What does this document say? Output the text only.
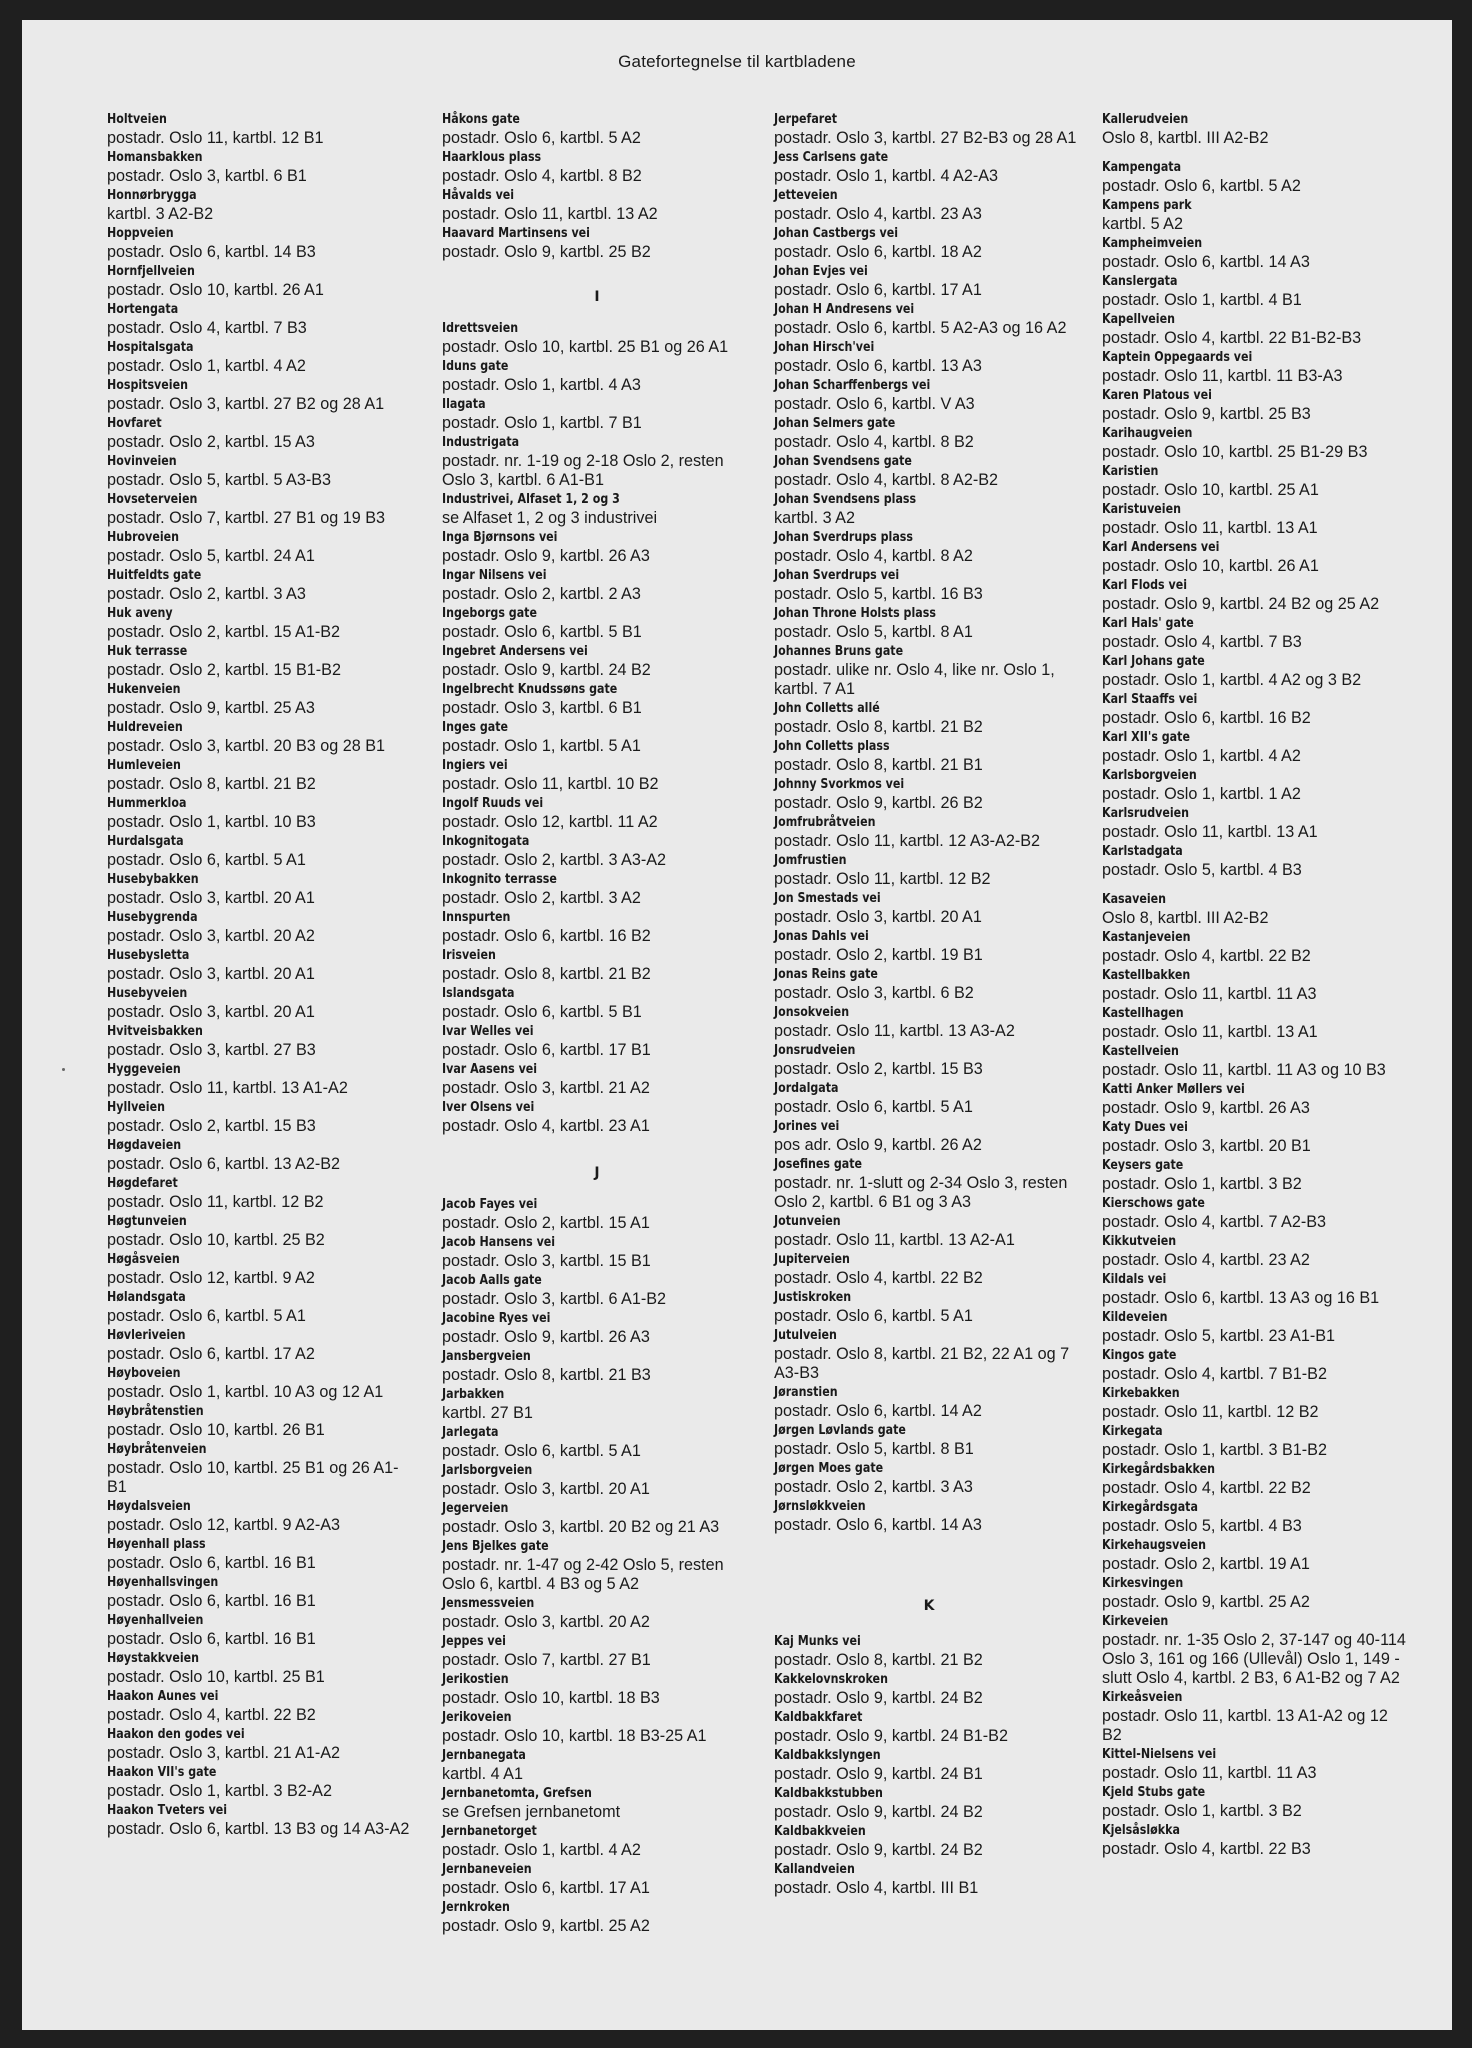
Gatefortegnelse til kartbladene
Holtveien
postadr. Oslo 11, kartbl. 12 B1
Homansbakken
postadr. Oslo 3, kartbl. 6 B1
Honnørbrygga
kartbl. 3 A2-B2
Hoppveien
postadr. Oslo 6, kartbl. 14 B3
Hornfjellveien
postadr. Oslo 10, kartbl. 26 A1
Hortengata
postadr. Oslo 4, kartbl. 7 B3
Hospitalsgata
postadr. Oslo 1, kartbl. 4 A2
Hospitsveien
postadr. Oslo 3, kartbl. 27 B2 og 28 A1
Hovfaret
postadr. Oslo 2, kartbl. 15 A3
Hovinveien
postadr. Oslo 5, kartbl. 5 A3-B3
Hovseterveien
postadr. Oslo 7, kartbl. 27 B1 og 19 B3
Hubroveien
postadr. Oslo 5, kartbl. 24 A1
Huitfeldts gate
postadr. Oslo 2, kartbl. 3 A3
Huk aveny
postadr. Oslo 2, kartbl. 15 A1-B2
Huk terrasse
postadr. Oslo 2, kartbl. 15 B1-B2
Hukenveien
postadr. Oslo 9, kartbl. 25 A3
Huldreveien
postadr. Oslo 3, kartbl. 20 B3 og 28 B1
Humleveien
postadr. Oslo 8, kartbl. 21 B2
Hummerkloa
postadr. Oslo 1, kartbl. 10 B3
Hurdalsgata
postadr. Oslo 6, kartbl. 5 A1
Husebybakken
postadr. Oslo 3, kartbl. 20 A1
Husebygrenda
postadr. Oslo 3, kartbl. 20 A2
Husebysletta
postadr. Oslo 3, kartbl. 20 A1
Husebyveien
postadr. Oslo 3, kartbl. 20 A1
Hvitveisbakken
postadr. Oslo 3, kartbl. 27 B3
Hyggeveien
postadr. Oslo 11, kartbl. 13 A1-A2
Hyllveien
postadr. Oslo 2, kartbl. 15 B3
Høgdaveien
postadr. Oslo 6, kartbl. 13 A2-B2
Høgdefaret
postadr. Oslo 11, kartbl. 12 B2
Høgtunveien
postadr. Oslo 10, kartbl. 25 B2
Høgåsveien
postadr. Oslo 12, kartbl. 9 A2
Hølandsgata
postadr. Oslo 6, kartbl. 5 A1
Høvleriveien
postadr. Oslo 6, kartbl. 17 A2
Høyboveien
postadr. Oslo 1, kartbl. 10 A3 og 12 A1
Høybråtenstien
postadr. Oslo 10, kartbl. 26 B1
Høybråtenveien
postadr. Oslo 10, kartbl. 25 B1 og 26 A1-B1
Høydalsveien
postadr. Oslo 12, kartbl. 9 A2-A3
Høyenhall plass
postadr. Oslo 6, kartbl. 16 B1
Høyenhallsvingen
postadr. Oslo 6, kartbl. 16 B1
Høyenhallveien
postadr. Oslo 6, kartbl. 16 B1
Høystakkveien
postadr. Oslo 10, kartbl. 25 B1
Haakon Aunes vei
postadr. Oslo 4, kartbl. 22 B2
Haakon den godes vei
postadr. Oslo 3, kartbl. 21 A1-A2
Haakon VII's gate
postadr. Oslo 1, kartbl. 3 B2-A2
Haakon Tveters vei
postadr. Oslo 6, kartbl. 13 B3 og 14 A3-A2
Håkons gate
postadr. Oslo 6, kartbl. 5 A2
Haarklous plass
postadr. Oslo 4, kartbl. 8 B2
Håvalds vei
postadr. Oslo 11, kartbl. 13 A2
Haavard Martinsens vei
postadr. Oslo 9, kartbl. 25 B2
I
Idrettsveien
postadr. Oslo 10, kartbl. 25 B1 og 26 A1
Iduns gate
postadr. Oslo 1, kartbl. 4 A3
Ilagata
postadr. Oslo 1, kartbl. 7 B1
Industrigata
postadr. nr. 1-19 og 2-18 Oslo 2, resten Oslo 3, kartbl. 6 A1-B1
Industrivei, Alfaset 1, 2 og 3
se Alfaset 1, 2 og 3 industrivei
Inga Bjørnsons vei
postadr. Oslo 9, kartbl. 26 A3
Ingar Nilsens vei
postadr. Oslo 2, kartbl. 2 A3
Ingeborgs gate
postadr. Oslo 6, kartbl. 5 B1
Ingebret Andersens vei
postadr. Oslo 9, kartbl. 24 B2
Ingelbrecht Knudssøns gate
postadr. Oslo 3, kartbl. 6 B1
Inges gate
postadr. Oslo 1, kartbl. 5 A1
Ingiers vei
postadr. Oslo 11, kartbl. 10 B2
Ingolf Ruuds vei
postadr. Oslo 12, kartbl. 11 A2
Inkognitogata
postadr. Oslo 2, kartbl. 3 A3-A2
Inkognito terrasse
postadr. Oslo 2, kartbl. 3 A2
Innspurten
postadr. Oslo 6, kartbl. 16 B2
Irisveien
postadr. Oslo 8, kartbl. 21 B2
Islandsgata
postadr. Oslo 6, kartbl. 5 B1
Ivar Welles vei
postadr. Oslo 6, kartbl. 17 B1
Ivar Aasens vei
postadr. Oslo 3, kartbl. 21 A2
Iver Olsens vei
postadr. Oslo 4, kartbl. 23 A1
J
Jacob Fayes vei
postadr. Oslo 2, kartbl. 15 A1
Jacob Hansens vei
postadr. Oslo 3, kartbl. 15 B1
Jacob Aalls gate
postadr. Oslo 3, kartbl. 6 A1-B2
Jacobine Ryes vei
postadr. Oslo 9, kartbl. 26 A3
Jansbergveien
postadr. Oslo 8, kartbl. 21 B3
Jarbakken
kartbl. 27 B1
Jarlegata
postadr. Oslo 6, kartbl. 5 A1
Jarlsborgveien
postadr. Oslo 3, kartbl. 20 A1
Jegerveien
postadr. Oslo 3, kartbl. 20 B2 og 21 A3
Jens Bjelkes gate
postadr. nr. 1-47 og 2-42 Oslo 5, resten Oslo 6, kartbl. 4 B3 og 5 A2
Jensmessveien
postadr. Oslo 3, kartbl. 20 A2
Jeppes vei
postadr. Oslo 7, kartbl. 27 B1
Jerikostien
postadr. Oslo 10, kartbl. 18 B3
Jerikoveien
postadr. Oslo 10, kartbl. 18 B3-25 A1
Jernbanegata
kartbl. 4 A1
Jernbanetomta, Grefsen
se Grefsen jernbanetomt
Jernbanetorget
postadr. Oslo 1, kartbl. 4 A2
Jernbaneveien
postadr. Oslo 6, kartbl. 17 A1
Jernkroken
postadr. Oslo 9, kartbl. 25 A2
Jerpefaret
postadr. Oslo 3, kartbl. 27 B2-B3 og 28 A1
Jess Carlsens gate
postadr. Oslo 1, kartbl. 4 A2-A3
Jetteveien
postadr. Oslo 4, kartbl. 23 A3
Johan Castbergs vei
postadr. Oslo 6, kartbl. 18 A2
Johan Evjes vei
postadr. Oslo 6, kartbl. 17 A1
Johan H Andresens vei
postadr. Oslo 6, kartbl. 5 A2-A3 og 16 A2
Johan Hirsch'vei
postadr. Oslo 6, kartbl. 13 A3
Johan Scharffenbergs vei
postadr. Oslo 6, kartbl. V A3
Johan Selmers gate
postadr. Oslo 4, kartbl. 8 B2
Johan Svendsens gate
postadr. Oslo 4, kartbl. 8 A2-B2
Johan Svendsens plass
kartbl. 3 A2
Johan Sverdrups plass
postadr. Oslo 4, kartbl. 8 A2
Johan Sverdrups vei
postadr. Oslo 5, kartbl. 16 B3
Johan Throne Holsts plass
postadr. Oslo 5, kartbl. 8 A1
Johannes Bruns gate
postadr. ulike nr. Oslo 4, like nr. Oslo 1, kartbl. 7 A1
John Colletts allé
postadr. Oslo 8, kartbl. 21 B2
John Colletts plass
postadr. Oslo 8, kartbl. 21 B1
Johnny Svorkmos vei
postadr. Oslo 9, kartbl. 26 B2
Jomfrubråtveien
postadr. Oslo 11, kartbl. 12 A3-A2-B2
Jomfrustien
postadr. Oslo 11, kartbl. 12 B2
Jon Smestads vei
postadr. Oslo 3, kartbl. 20 A1
Jonas Dahls vei
postadr. Oslo 2, kartbl. 19 B1
Jonas Reins gate
postadr. Oslo 3, kartbl. 6 B2
Jonsokveien
postadr. Oslo 11, kartbl. 13 A3-A2
Jonsrudveien
postadr. Oslo 2, kartbl. 15 B3
Jordalgata
postadr. Oslo 6, kartbl. 5 A1
Jorines vei
pos adr. Oslo 9, kartbl. 26 A2
Josefines gate
postadr. nr. 1-slutt og 2-34 Oslo 3, resten Oslo 2, kartbl. 6 B1 og 3 A3
Jotunveien
postadr. Oslo 11, kartbl. 13 A2-A1
Jupiterveien
postadr. Oslo 4, kartbl. 22 B2
Justiskroken
postadr. Oslo 6, kartbl. 5 A1
Jutulveien
postadr. Oslo 8, kartbl. 21 B2, 22 A1 og 7 A3-B3
Jøranstien
postadr. Oslo 6, kartbl. 14 A2
Jørgen Løvlands gate
postadr. Oslo 5, kartbl. 8 B1
Jørgen Moes gate
postadr. Oslo 2, kartbl. 3 A3
Jørnsløkkveien
postadr. Oslo 6, kartbl. 14 A3
K
Kaj Munks vei
postadr. Oslo 8, kartbl. 21 B2
Kakkelovnskroken
postadr. Oslo 9, kartbl. 24 B2
Kaldbakkfaret
postadr. Oslo 9, kartbl. 24 B1-B2
Kaldbakkslyngen
postadr. Oslo 9, kartbl. 24 B1
Kaldbakkstubben
postadr. Oslo 9, kartbl. 24 B2
Kaldbakkveien
postadr. Oslo 9, kartbl. 24 B2
Kallandveien
postadr. Oslo 4, kartbl. III B1
Kallerudveien
Oslo 8, kartbl. III A2-B2
Kampengata
postadr. Oslo 6, kartbl. 5 A2
Kampens park
kartbl. 5 A2
Kampheimveien
postadr. Oslo 6, kartbl. 14 A3
Kanslergata
postadr. Oslo 1, kartbl. 4 B1
Kapellveien
postadr. Oslo 4, kartbl. 22 B1-B2-B3
Kaptein Oppegaards vei
postadr. Oslo 11, kartbl. 11 B3-A3
Karen Platous vei
postadr. Oslo 9, kartbl. 25 B3
Karihaugveien
postadr. Oslo 10, kartbl. 25 B1-29 B3
Karistien
postadr. Oslo 10, kartbl. 25 A1
Karistuveien
postadr. Oslo 11, kartbl. 13 A1
Karl Andersens vei
postadr. Oslo 10, kartbl. 26 A1
Karl Flods vei
postadr. Oslo 9, kartbl. 24 B2 og 25 A2
Karl Hals' gate
postadr. Oslo 4, kartbl. 7 B3
Karl Johans gate
postadr. Oslo 1, kartbl. 4 A2 og 3 B2
Karl Staaffs vei
postadr. Oslo 6, kartbl. 16 B2
Karl XII's gate
postadr. Oslo 1, kartbl. 4 A2
Karlsborgveien
postadr. Oslo 1, kartbl. 1 A2
Karlsrudveien
postadr. Oslo 11, kartbl. 13 A1
Karlstadgata
postadr. Oslo 5, kartbl. 4 B3
Kasaveien
Oslo 8, kartbl. III A2-B2
Kastanjeveien
postadr. Oslo 4, kartbl. 22 B2
Kastellbakken
postadr. Oslo 11, kartbl. 11 A3
Kastellhagen
postadr. Oslo 11, kartbl. 13 A1
Kastellveien
postadr. Oslo 11, kartbl. 11 A3 og 10 B3
Katti Anker Møllers vei
postadr. Oslo 9, kartbl. 26 A3
Katy Dues vei
postadr. Oslo 3, kartbl. 20 B1
Keysers gate
postadr. Oslo 1, kartbl. 3 B2
Kierschows gate
postadr. Oslo 4, kartbl. 7 A2-B3
Kikkutveien
postadr. Oslo 4, kartbl. 23 A2
Kildals vei
postadr. Oslo 6, kartbl. 13 A3 og 16 B1
Kildeveien
postadr. Oslo 5, kartbl. 23 A1-B1
Kingos gate
postadr. Oslo 4, kartbl. 7 B1-B2
Kirkebakken
postadr. Oslo 11, kartbl. 12 B2
Kirkegata
postadr. Oslo 1, kartbl. 3 B1-B2
Kirkegårdsbakken
postadr. Oslo 4, kartbl. 22 B2
Kirkegårdsgata
postadr. Oslo 5, kartbl. 4 B3
Kirkehaugsveien
postadr. Oslo 2, kartbl. 19 A1
Kirkesvingen
postadr. Oslo 9, kartbl. 25 A2
Kirkeveien
postadr. nr. 1-35 Oslo 2, 37-147 og 40-114 Oslo 3, 161 og 166 (Ullevål) Oslo 1, 149 - slutt Oslo 4, kartbl. 2 B3, 6 A1-B2 og 7 A2
Kirkeåsveien
postadr. Oslo 11, kartbl. 13 A1-A2 og 12 B2
Kittel-Nielsens vei
postadr. Oslo 11, kartbl. 11 A3
Kjeld Stubs gate
postadr. Oslo 1, kartbl. 3 B2
Kjelsåsløkka
postadr. Oslo 4, kartbl. 22 B3
